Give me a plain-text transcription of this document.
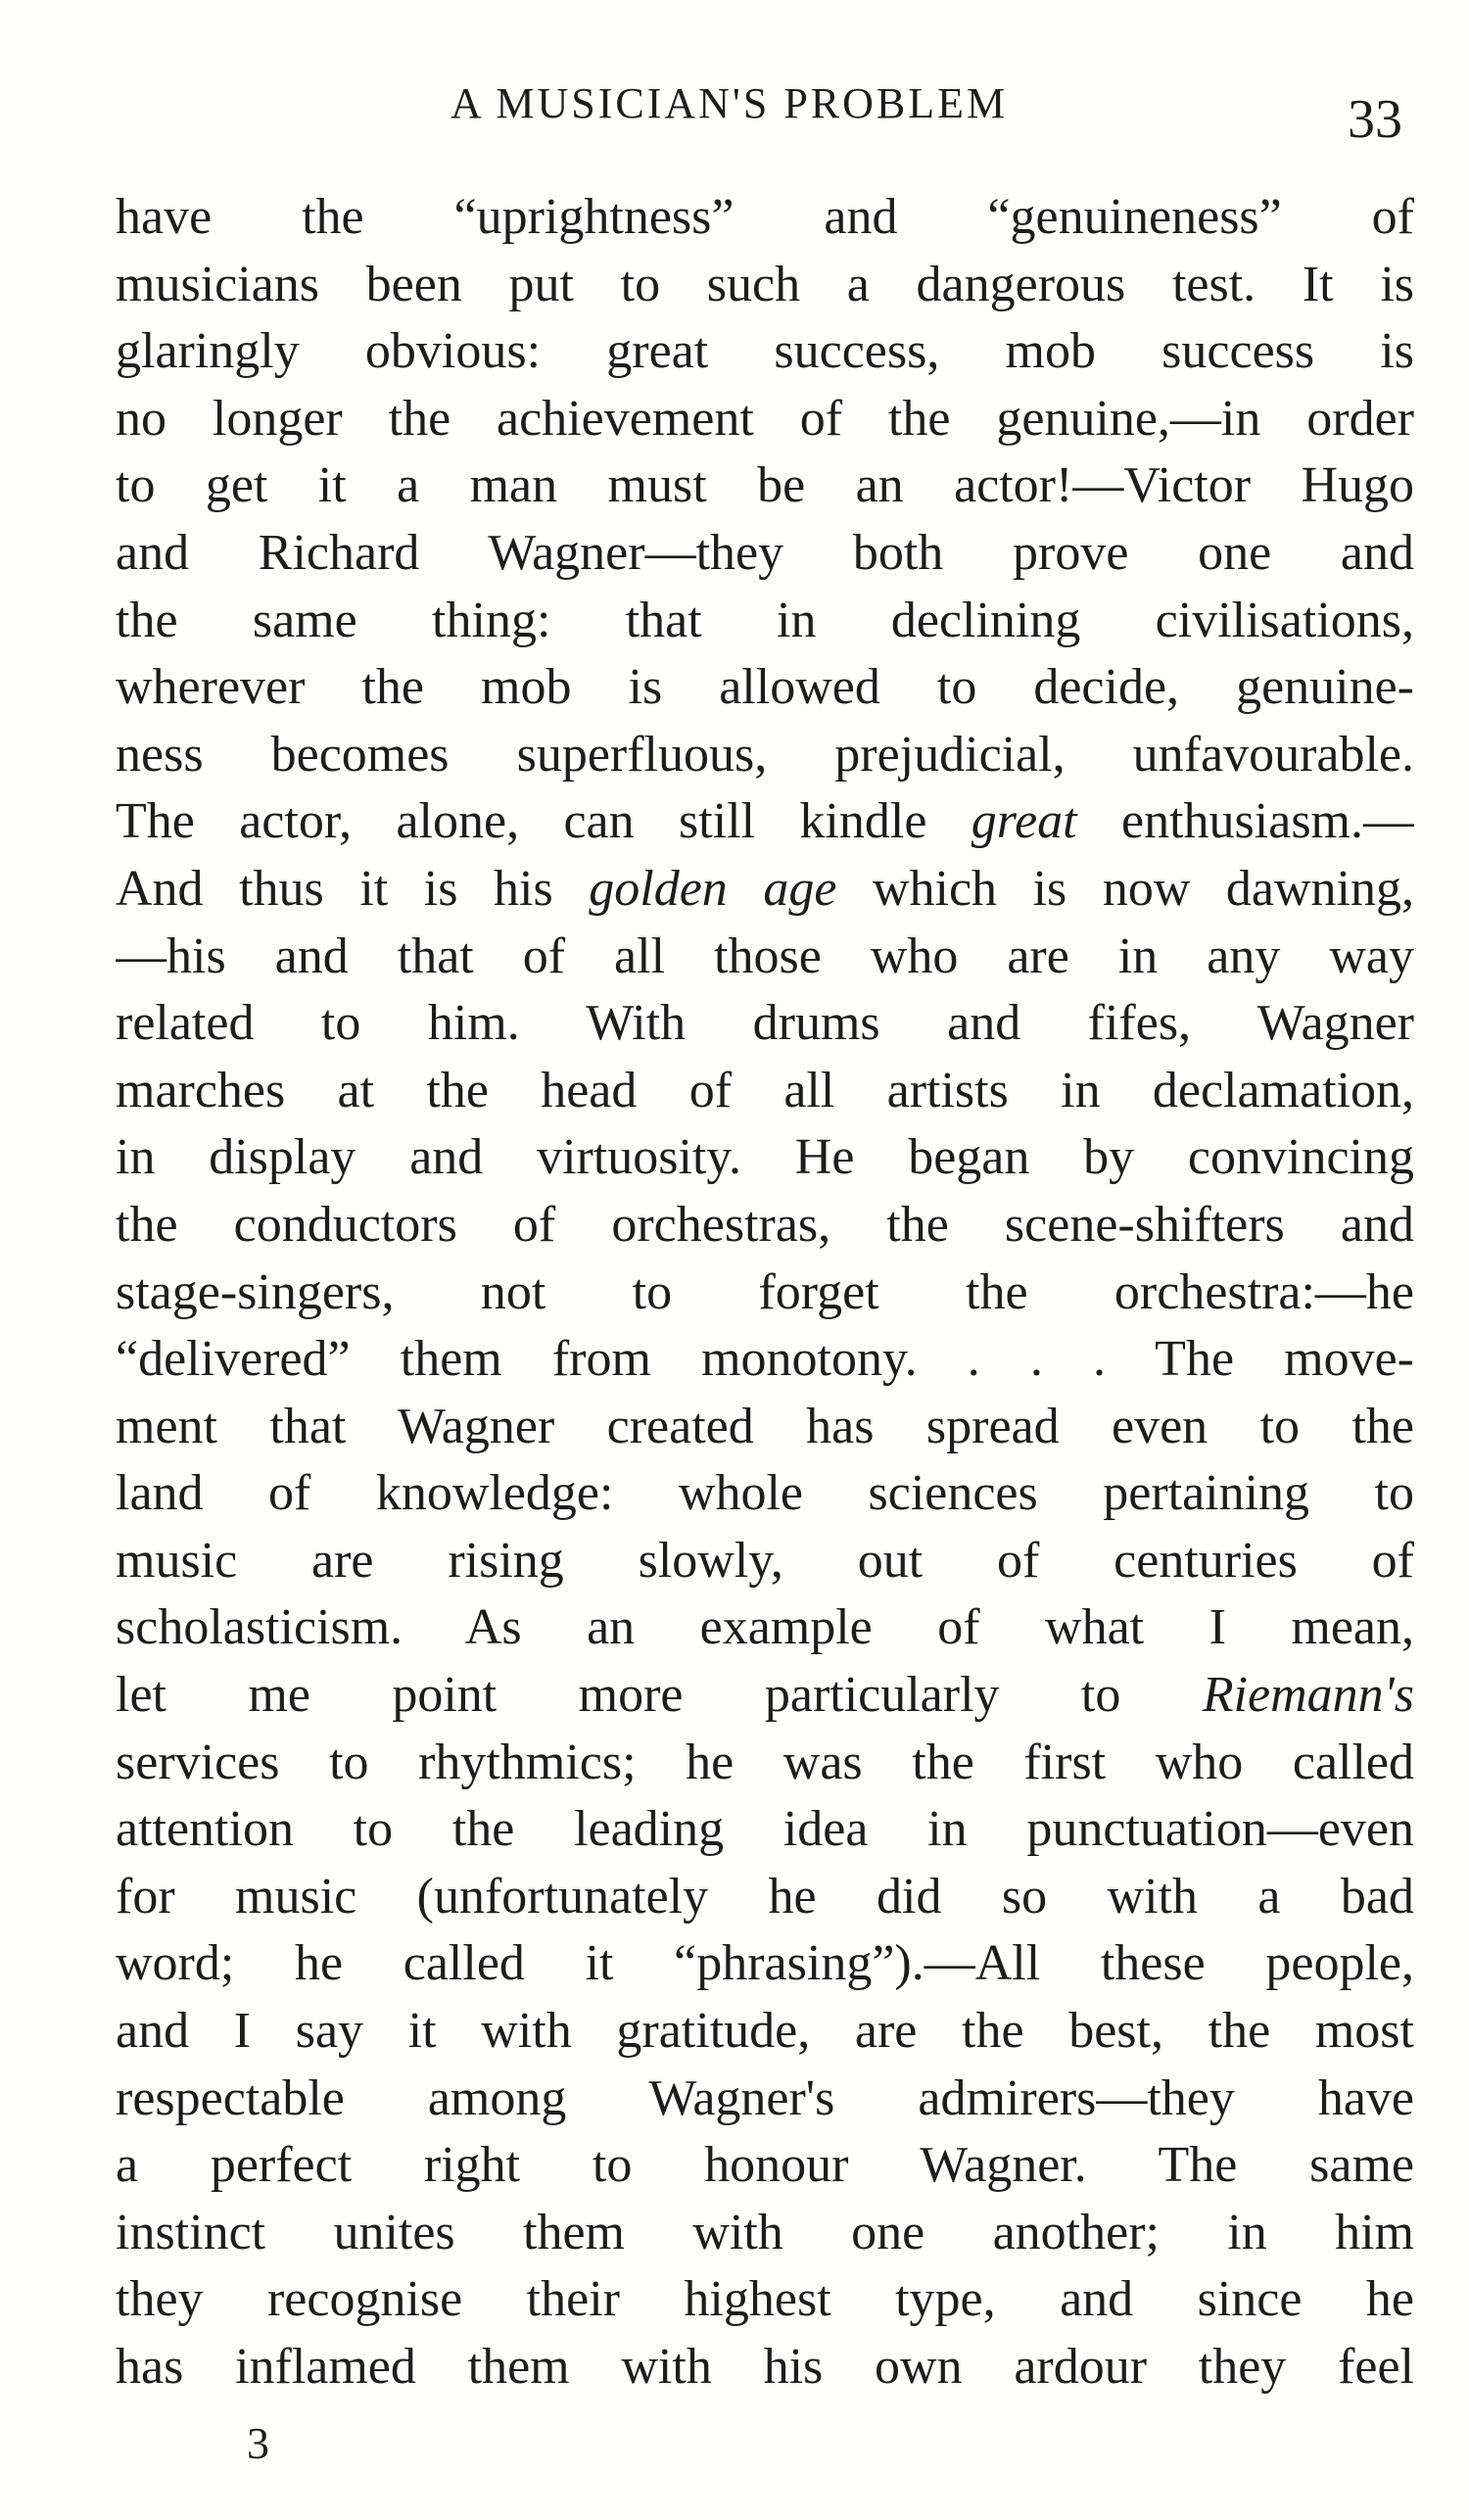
A MUSICIAN'S PROBLEM	33
have the “uprightness” and “genuineness” of
musicians been put to such a dangerous test. It is
glaringly obvious: great success, mob success is
no longer the achievement of the genuine,—in order
to get it a man must be an actor!—Victor Hugo
and Richard Wagner—they both prove one and
the same thing: that in declining civilisations,
wherever the mob is allowed to decide, genuine-
ness becomes superfluous, prejudicial, unfavourable.
The actor, alone, can still kindle great enthusiasm.—
And thus it is his golden age which is now dawning,
—his and that of all those who are in any way
related to him. With drums and fifes, Wagner
marches at the head of all artists in declamation,
in display and virtuosity. He began by convincing
the conductors of orchestras, the scene-shifters and
stage-singers, not to forget the orchestra:—he
“delivered” them from monotony. . . . The move-
ment that Wagner created has spread even to the
land of knowledge: whole sciences pertaining to
music are rising slowly, out of centuries of
scholasticism. As an example of what I mean,
let me point more particularly to Riemann's
services to rhythmics; he was the first who called
attention to the leading idea in punctuation—even
for music (unfortunately he did so with a bad
word; he called it “phrasing”).—All these people,
and I say it with gratitude, are the best, the most
respectable among Wagner's admirers—they have
a perfect right to honour Wagner. The same
instinct unites them with one another; in him
they recognise their highest type, and since he
has inflamed them with his own ardour they feel
3
